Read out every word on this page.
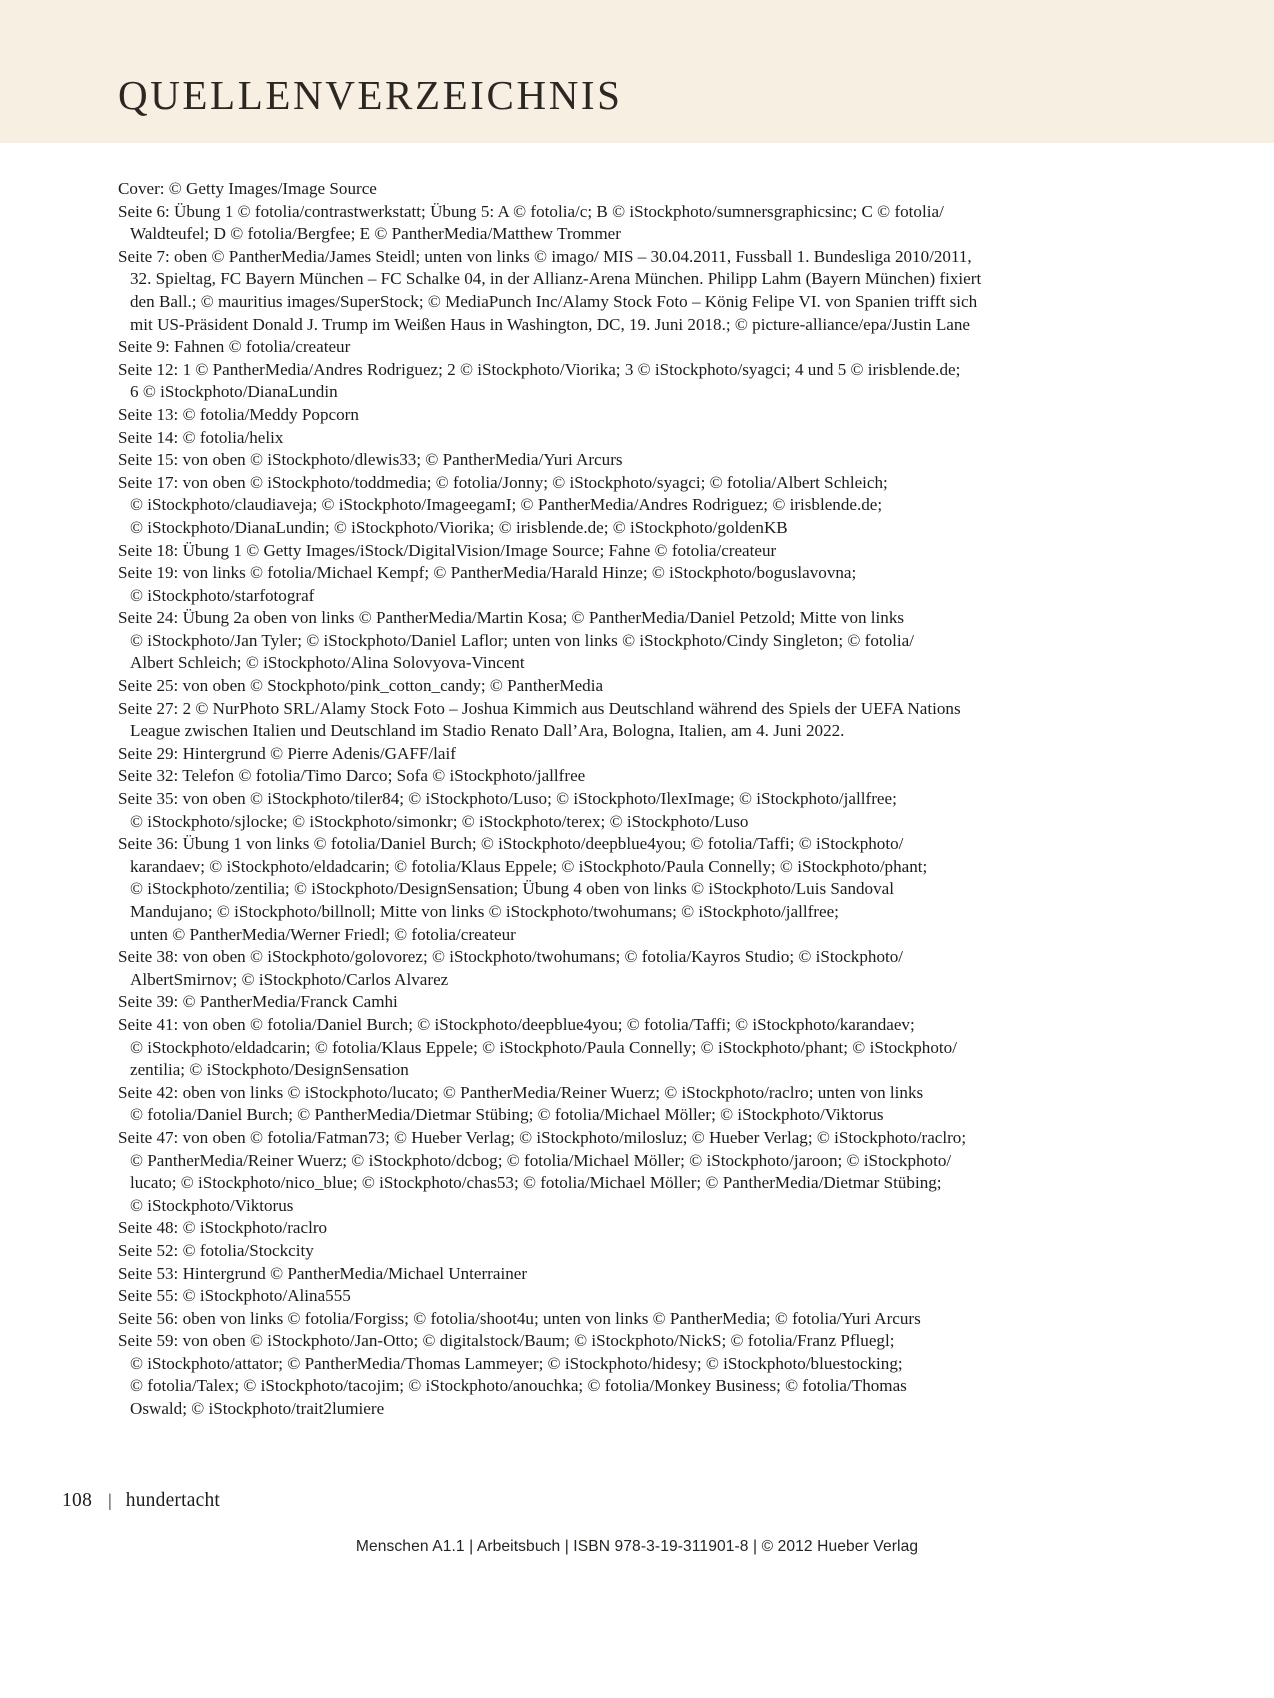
QUELLENVERZEICHNIS
Cover: © Getty Images/Image Source
Seite 6: Übung 1 © fotolia/contrastwerkstatt; Übung 5: A © fotolia/c; B © iStockphoto/sumnersgraphicsinc; C © fotolia/
Waldteufel; D © fotolia/Bergfee; E © PantherMedia/Matthew Trommer
Seite 7: oben © PantherMedia/James Steidl; unten von links © imago/ MIS – 30.04.2011, Fussball 1. Bundesliga 2010/2011,
32. Spieltag, FC Bayern München – FC Schalke 04, in der Allianz-Arena München. Philipp Lahm (Bayern München) fixiert
den Ball.; © mauritius images/SuperStock; © MediaPunch Inc/Alamy Stock Foto – König Felipe VI. von Spanien trifft sich
mit US-Präsident Donald J. Trump im Weißen Haus in Washington, DC, 19. Juni 2018.; © picture-alliance/epa/Justin Lane
Seite 9: Fahnen © fotolia/createur
Seite 12: 1 © PantherMedia/Andres Rodriguez; 2 © iStockphoto/Viorika; 3 © iStockphoto/syagci; 4 und 5 © irisblende.de;
6 © iStockphoto/DianaLundin
Seite 13: © fotolia/Meddy Popcorn
Seite 14: © fotolia/helix
Seite 15: von oben © iStockphoto/dlewis33; © PantherMedia/Yuri Arcurs
Seite 17: von oben © iStockphoto/toddmedia; © fotolia/Jonny; © iStockphoto/syagci; © fotolia/Albert Schleich;
© iStockphoto/claudiaveja; © iStockphoto/ImageegamI; © PantherMedia/Andres Rodriguez; © irisblende.de;
© iStockphoto/DianaLundin; © iStockphoto/Viorika; © irisblende.de; © iStockphoto/goldenKB
Seite 18: Übung 1 © Getty Images/iStock/DigitalVision/Image Source; Fahne © fotolia/createur
Seite 19: von links © fotolia/Michael Kempf; © PantherMedia/Harald Hinze; © iStockphoto/boguslavovna;
© iStockphoto/starfotograf
Seite 24: Übung 2a oben von links © PantherMedia/Martin Kosa; © PantherMedia/Daniel Petzold; Mitte von links
© iStockphoto/Jan Tyler; © iStockphoto/Daniel Laflor; unten von links © iStockphoto/Cindy Singleton; © fotolia/
Albert Schleich; © iStockphoto/Alina Solovyova-Vincent
Seite 25: von oben © Stockphoto/pink_cotton_candy; © PantherMedia
Seite 27: 2 © NurPhoto SRL/Alamy Stock Foto – Joshua Kimmich aus Deutschland während des Spiels der UEFA Nations
League zwischen Italien und Deutschland im Stadio Renato Dall’Ara, Bologna, Italien, am 4. Juni 2022.
Seite 29: Hintergrund © Pierre Adenis/GAFF/laif
Seite 32: Telefon © fotolia/Timo Darco; Sofa © iStockphoto/jallfree
Seite 35: von oben © iStockphoto/tiler84; © iStockphoto/Luso; © iStockphoto/IlexImage; © iStockphoto/jallfree;
© iStockphoto/sjlocke; © iStockphoto/simonkr; © iStockphoto/terex; © iStockphoto/Luso
Seite 36: Übung 1 von links © fotolia/Daniel Burch; © iStockphoto/deepblue4you; © fotolia/Taffi; © iStockphoto/
karandaev; © iStockphoto/eldadcarin; © fotolia/Klaus Eppele; © iStockphoto/Paula Connelly; © iStockphoto/phant;
© iStockphoto/zentilia; © iStockphoto/DesignSensation; Übung 4 oben von links © iStockphoto/Luis Sandoval
Mandujano; © iStockphoto/billnoll; Mitte von links © iStockphoto/twohumans; © iStockphoto/jallfree;
unten © PantherMedia/Werner Friedl; © fotolia/createur
Seite 38: von oben © iStockphoto/golovorez; © iStockphoto/twohumans; © fotolia/Kayros Studio; © iStockphoto/
AlbertSmirnov; © iStockphoto/Carlos Alvarez
Seite 39: © PantherMedia/Franck Camhi
Seite 41: von oben © fotolia/Daniel Burch; © iStockphoto/deepblue4you; © fotolia/Taffi; © iStockphoto/karandaev;
© iStockphoto/eldadcarin; © fotolia/Klaus Eppele; © iStockphoto/Paula Connelly; © iStockphoto/phant; © iStockphoto/
zentilia; © iStockphoto/DesignSensation
Seite 42: oben von links © iStockphoto/lucato; © PantherMedia/Reiner Wuerz; © iStockphoto/raclro; unten von links
© fotolia/Daniel Burch; © PantherMedia/Dietmar Stübing; © fotolia/Michael Möller; © iStockphoto/Viktorus
Seite 47: von oben © fotolia/Fatman73; © Hueber Verlag; © iStockphoto/milosluz; © Hueber Verlag; © iStockphoto/raclro;
© PantherMedia/Reiner Wuerz; © iStockphoto/dcbog; © fotolia/Michael Möller; © iStockphoto/jaroon; © iStockphoto/
lucato; © iStockphoto/nico_blue; © iStockphoto/chas53; © fotolia/Michael Möller; © PantherMedia/Dietmar Stübing;
© iStockphoto/Viktorus
Seite 48: © iStockphoto/raclro
Seite 52: © fotolia/Stockcity
Seite 53: Hintergrund © PantherMedia/Michael Unterrainer
Seite 55: © iStockphoto/Alina555
Seite 56: oben von links © fotolia/Forgiss; © fotolia/shoot4u; unten von links © PantherMedia; © fotolia/Yuri Arcurs
Seite 59: von oben © iStockphoto/Jan-Otto; © digitalstock/Baum; © iStockphoto/NickS; © fotolia/Franz Pfluegl;
© iStockphoto/attator; © PantherMedia/Thomas Lammeyer; © iStockphoto/hidesy; © iStockphoto/bluestocking;
© fotolia/Talex; © iStockphoto/tacojim; © iStockphoto/anouchka; © fotolia/Monkey Business; © fotolia/Thomas
Oswald; © iStockphoto/trait2lumiere
108 | hundertacht
Menschen A1.1 | Arbeitsbuch | ISBN 978-3-19-311901-8 | © 2012 Hueber Verlag
